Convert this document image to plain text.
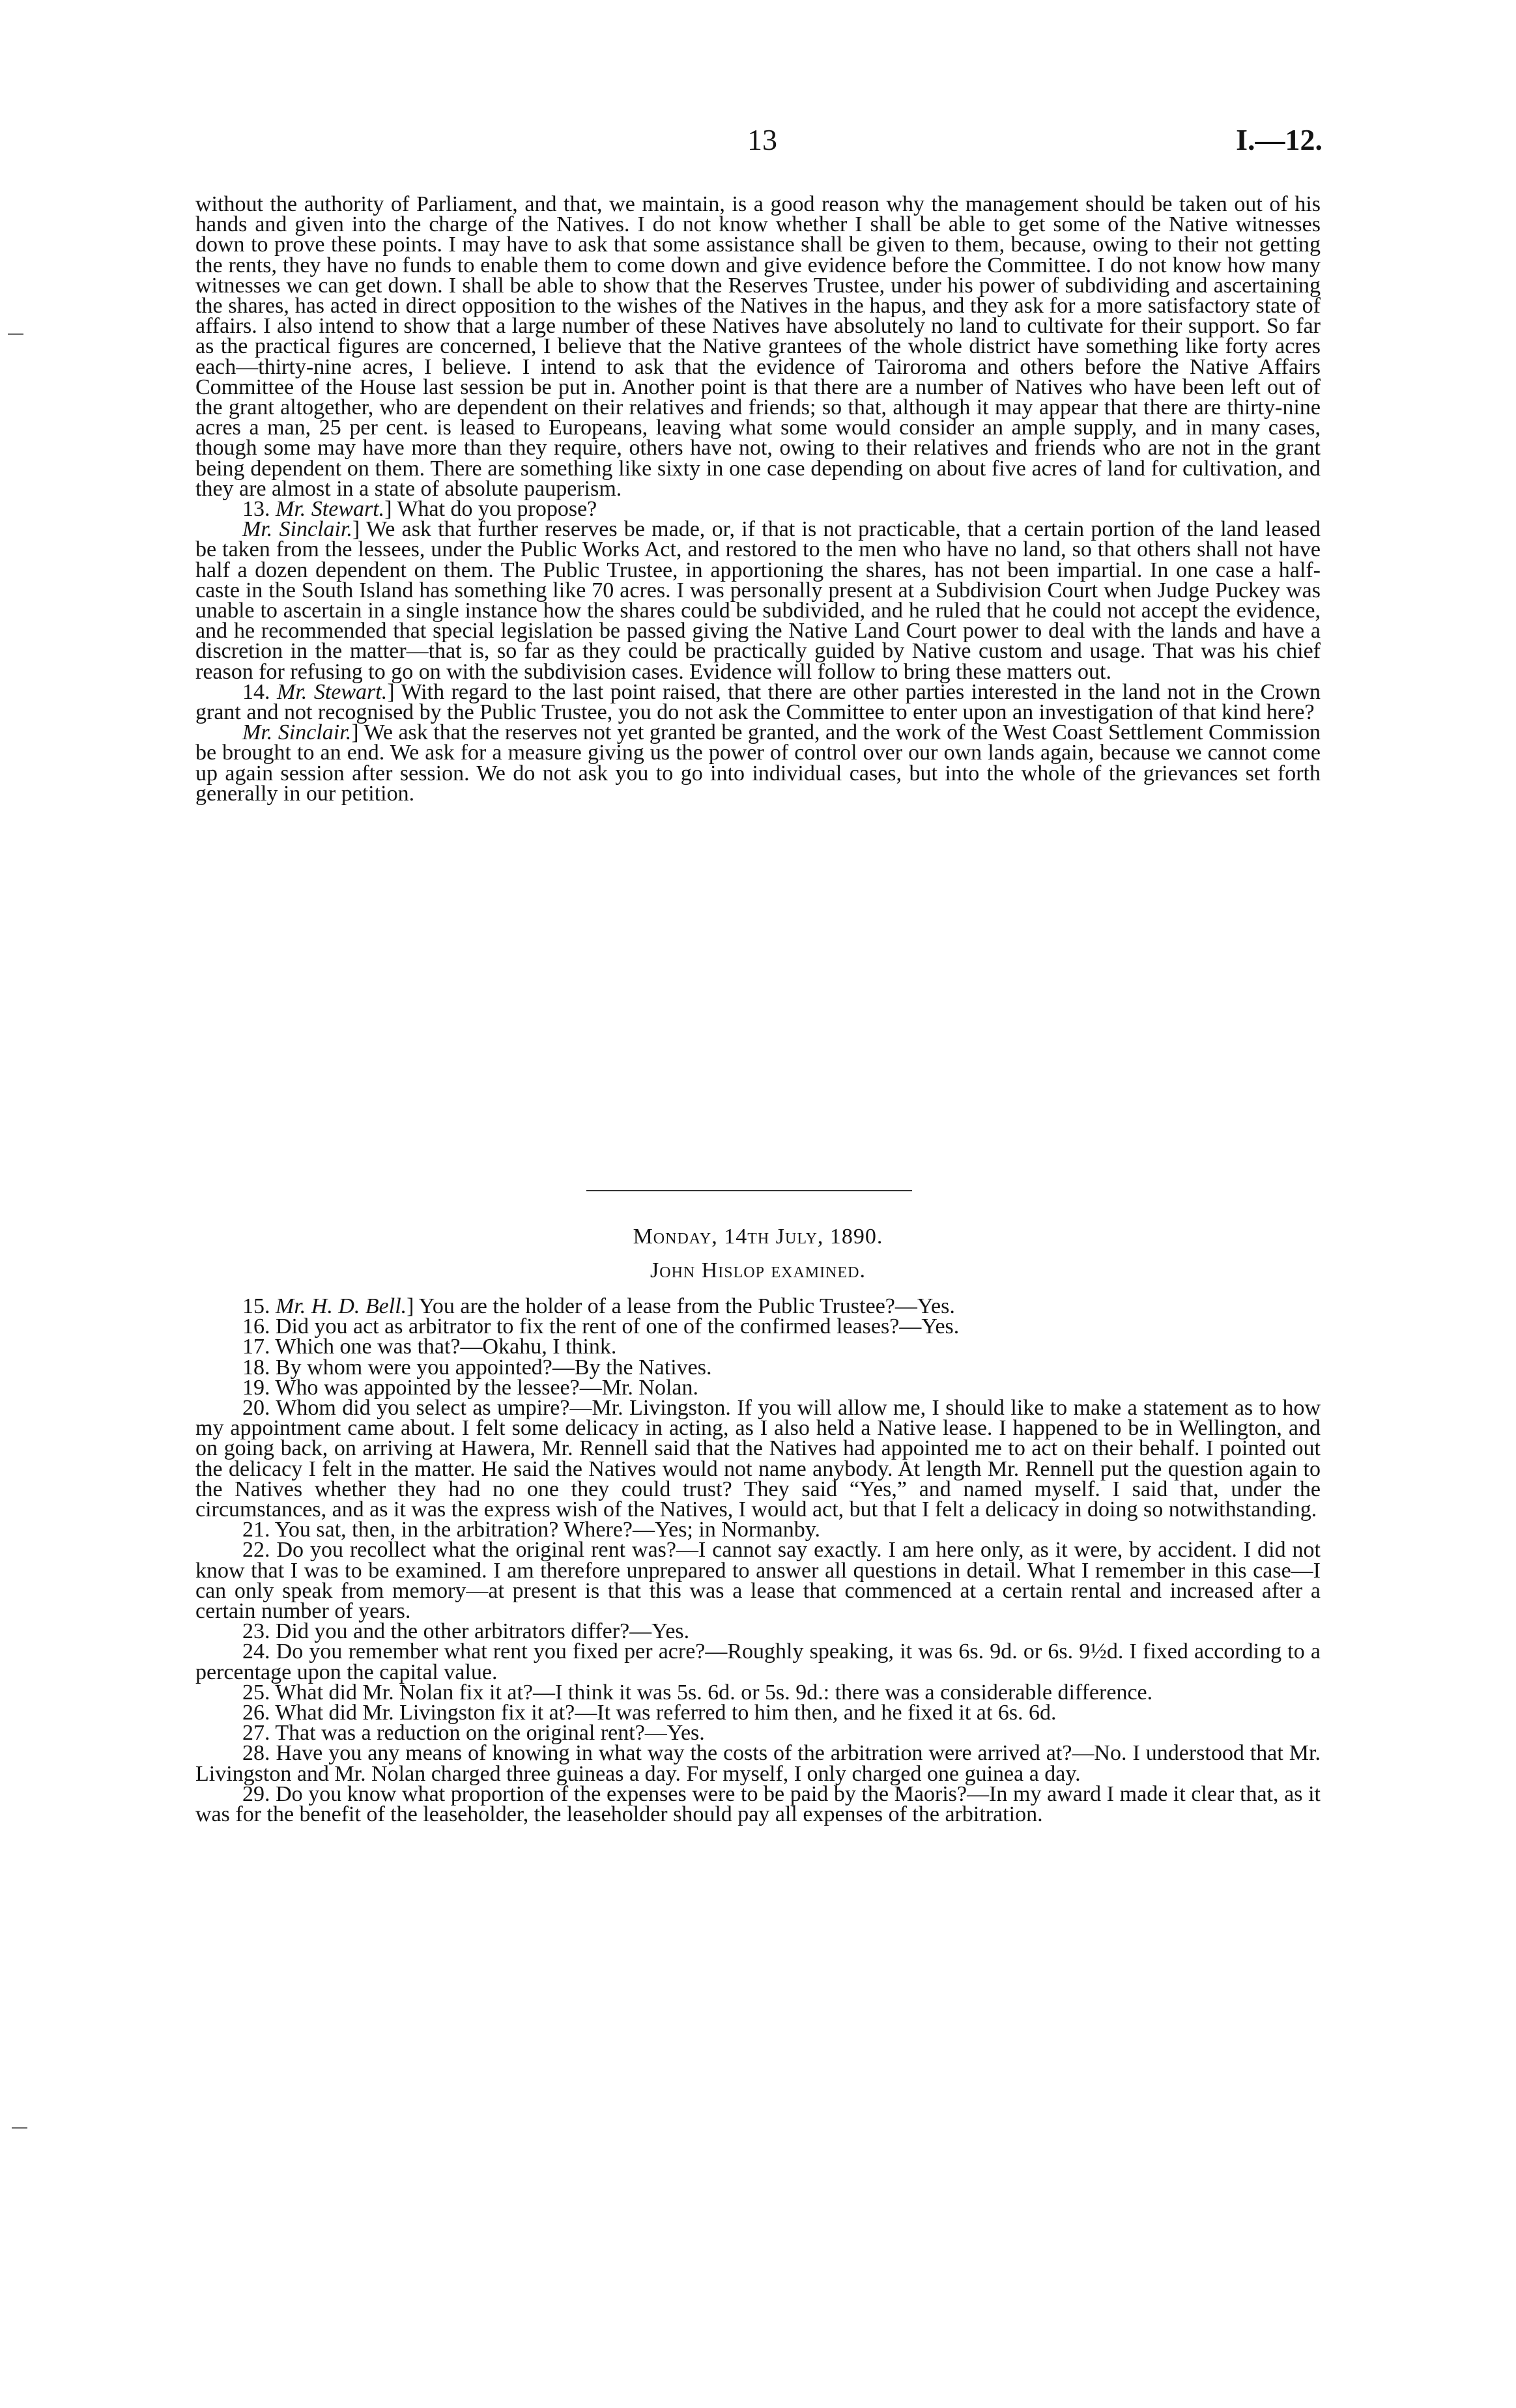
13	I.—12.

without the authority of Parliament, and that, we maintain, is a good reason why the management should be taken out of his hands and given into the charge of the Natives. I do not know whether I shall be able to get some of the Native witnesses down to prove these points. I may have to ask that some assistance shall be given to them, because, owing to their not getting the rents, they have no funds to enable them to come down and give evidence before the Committee. I do not know how many witnesses we can get down. I shall be able to show that the Reserves Trustee, under his power of subdividing and ascertaining the shares, has acted in direct opposition to the wishes of the Natives in the hapus, and they ask for a more satisfactory state of affairs. I also intend to show that a large number of these Natives have absolutely no land to cultivate for their support. So far as the practical figures are concerned, I believe that the Native grantees of the whole district have something like forty acres each—thirty-nine acres, I believe. I intend to ask that the evidence of Tairoroma and others before the Native Affairs Committee of the House last session be put in. Another point is that there are a number of Natives who have been left out of the grant altogether, who are dependent on their relatives and friends; so that, although it may appear that there are thirty-nine acres a man, 25 per cent. is leased to Europeans, leaving what some would consider an ample supply, and in many cases, though some may have more than they require, others have not, owing to their relatives and friends who are not in the grant being dependent on them. There are something like sixty in one case depending on about five acres of land for cultivation, and they are almost in a state of absolute pauperism.

13. Mr. Stewart.] What do you propose?

Mr. Sinclair.] We ask that further reserves be made, or, if that is not practicable, that a certain portion of the land leased be taken from the lessees, under the Public Works Act, and restored to the men who have no land, so that others shall not have half a dozen dependent on them. The Public Trustee, in apportioning the shares, has not been impartial. In one case a half-caste in the South Island has something like 70 acres. I was personally present at a Subdivision Court when Judge Puckey was unable to ascertain in a single instance how the shares could be subdivided, and he ruled that he could not accept the evidence, and he recommended that special legislation be passed giving the Native Land Court power to deal with the lands and have a discretion in the matter—that is, so far as they could be practically guided by Native custom and usage. That was his chief reason for refusing to go on with the subdivision cases. Evidence will follow to bring these matters out.

14. Mr. Stewart.] With regard to the last point raised, that there are other parties interested in the land not in the Crown grant and not recognised by the Public Trustee, you do not ask the Committee to enter upon an investigation of that kind here?

Mr. Sinclair.] We ask that the reserves not yet granted be granted, and the work of the West Coast Settlement Commission be brought to an end. We ask for a measure giving us the power of control over our own lands again, because we cannot come up again session after session. We do not ask you to go into individual cases, but into the whole of the grievances set forth generally in our petition.

Monday, 14th July, 1890.
John Hislop examined.

15. Mr. H. D. Bell.] You are the holder of a lease from the Public Trustee?—Yes.

16. Did you act as arbitrator to fix the rent of one of the confirmed leases?—Yes.

17. Which one was that?—Okahu, I think.

18. By whom were you appointed?—By the Natives.

19. Who was appointed by the lessee?—Mr. Nolan.

20. Whom did you select as umpire?—Mr. Livingston. If you will allow me, I should like to make a statement as to how my appointment came about. I felt some delicacy in acting, as I also held a Native lease. I happened to be in Wellington, and on going back, on arriving at Hawera, Mr. Rennell said that the Natives had appointed me to act on their behalf. I pointed out the delicacy I felt in the matter. He said the Natives would not name anybody. At length Mr. Rennell put the question again to the Natives whether they had no one they could trust? They said “Yes,” and named myself. I said that, under the circumstances, and as it was the express wish of the Natives, I would act, but that I felt a delicacy in doing so notwithstanding.

21. You sat, then, in the arbitration? Where?—Yes; in Normanby.

22. Do you recollect what the original rent was?—I cannot say exactly. I am here only, as it were, by accident. I did not know that I was to be examined. I am therefore unprepared to answer all questions in detail. What I remember in this case—I can only speak from memory—at present is that this was a lease that commenced at a certain rental and increased after a certain number of years.

23. Did you and the other arbitrators differ?—Yes.

24. Do you remember what rent you fixed per acre?—Roughly speaking, it was 6s. 9d. or 6s. 9½d. I fixed according to a percentage upon the capital value.

25. What did Mr. Nolan fix it at?—I think it was 5s. 6d. or 5s. 9d.: there was a considerable difference.

26. What did Mr. Livingston fix it at?—It was referred to him then, and he fixed it at 6s. 6d.

27. That was a reduction on the original rent?—Yes.

28. Have you any means of knowing in what way the costs of the arbitration were arrived at?—No. I understood that Mr. Livingston and Mr. Nolan charged three guineas a day. For myself, I only charged one guinea a day.

29. Do you know what proportion of the expenses were to be paid by the Maoris?—In my award I made it clear that, as it was for the benefit of the leaseholder, the leaseholder should pay all expenses of the arbitration.
